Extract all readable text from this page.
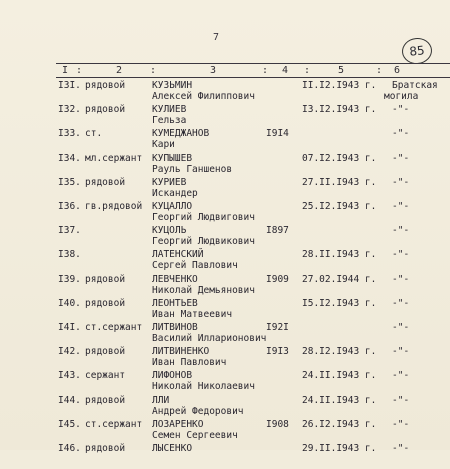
7
85
I :	2	:	3	: 4 :	5	: 6
I3I. рядовой	КУЗЬМИН
Алексей Филиппович
II.I2.I943 г. Братская
могила
I32. рядовой	КУЛИЕВ
Гельза
I3.I2.I943 г. -"-
I33. ст.	КУМЕДЖАНОВ
Кари
I9I4	-"-
I34. мл.сержант КУПЫШЕВ
Рауль Ганшенов
07.I2.I943 г. -"-
I35. рядовой	КУРИЕВ
Искандер
27.II.I943 г. -"-
I36. гв.рядовой КУЦАЛЛО
Георгий Людвигович
25.I2.I943 г. -"-
I37.	КУЦОЛЬ
Георгий Людвикович
I897	-"-
I38.	ЛАТЕНСКИЙ
Сергей Павлович
28.II.I943 г. -"-
I39. рядовой	ЛЕВЧЕНКО
Николай Демьянович
I909 27.02.I944 г. -"-
I40. рядовой	ЛЕОНТЬЕВ
Иван Матвеевич
I5.I2.I943 г. -"-
I4I. ст.сержант ЛИТВИНОВ
Василий Илларионович
I92I	-"-
I42. рядовой	ЛИТВИНЕНКО
Иван Павлович
I9I3 28.I2.I943 г. -"-
I43. сержант	ЛИФОНОВ
Николай Николаевич
24.II.I943 г. -"-
I44. рядовой	ЛЛИ
Андрей Федорович
24.II.I943 г. -"-
I45. ст.сержант ЛОЗАРЕНКО
Семен Сергеевич
I908 26.I2.I943 г. -"-
I46. рядовой	ЛЫСЕНКО	29.II.I943 г. -"-
